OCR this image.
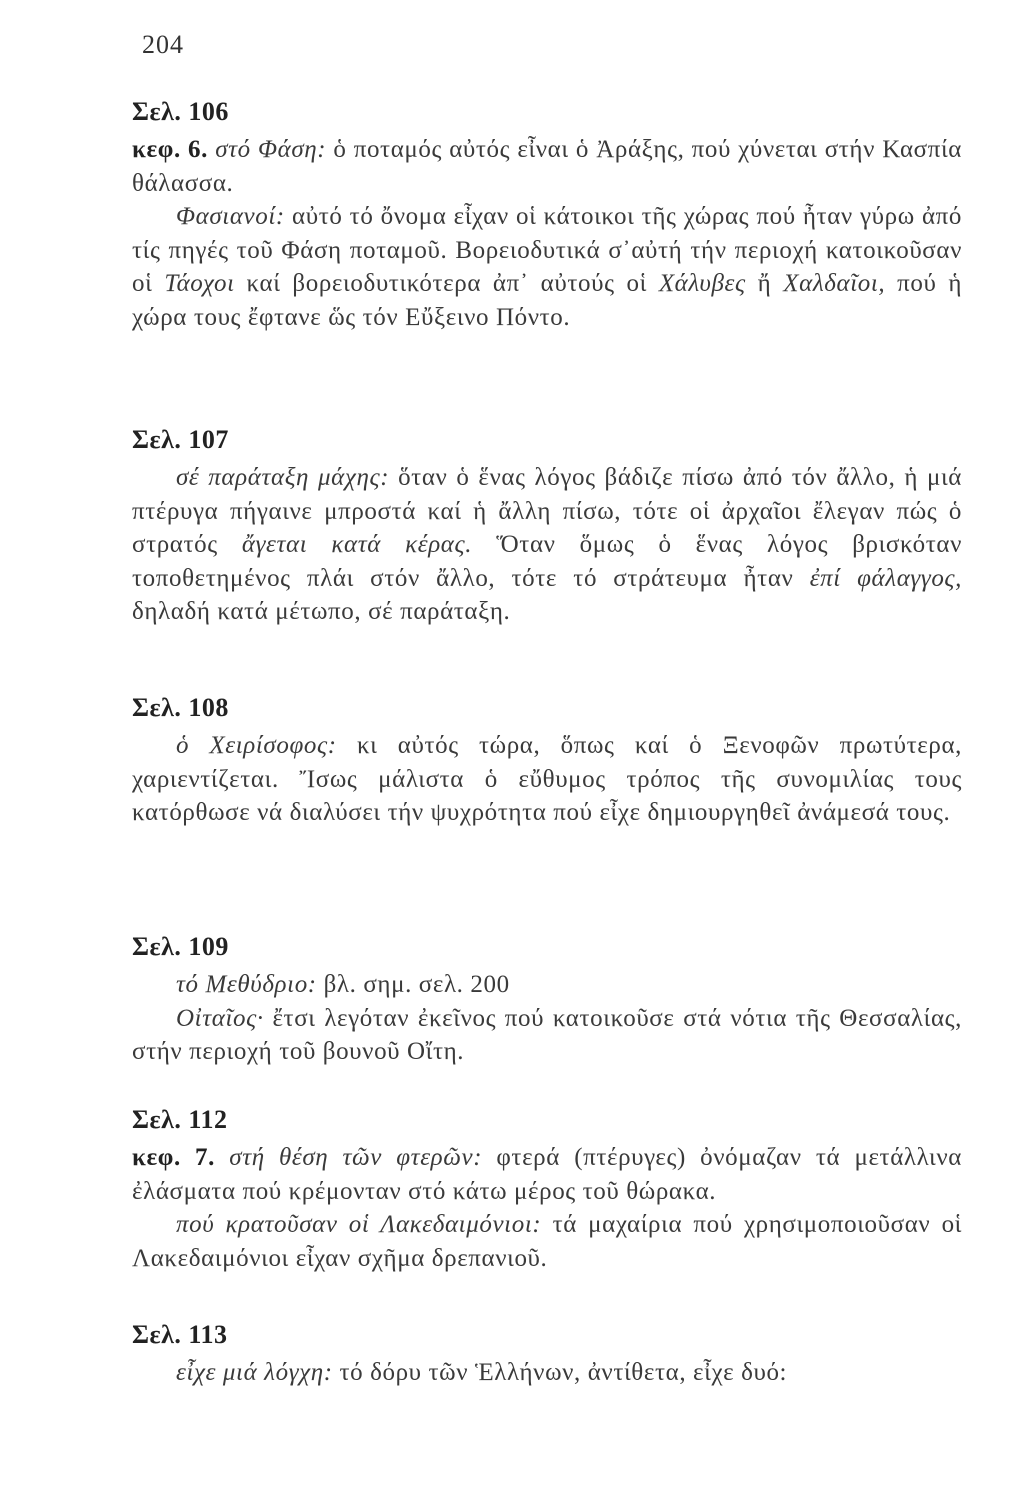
204
Σελ. 106

κεφ. 6. στό Φάση: ὁ ποταμός αὐτός εἶναι ὁ Ἀράξης, πού χύνεται στήν Κασπία θάλασσα.

Φασιανοί: αὐτό τό ὄνομα εἶχαν οἱ κάτοικοι τῆς χώρας πού ἦταν γύρω ἀπό τίς πηγές τοῦ Φάση ποταμοῦ. Βορειοδυτικά σ᾽αὐτή τήν περιοχή κατοικοῦσαν οἱ Τάοχοι καί βορειοδυτικότερα ἀπ᾽ αὐτούς οἱ Χάλυβες ἤ Χαλδαῖοι, πού ἡ χώρα τους ἔφτανε ὥς τόν Εὔξεινο Πόντο.

Σελ. 107

σέ παράταξη μάχης: ὅταν ὁ ἕνας λόγος βάδιζε πίσω ἀπό τόν ἄλλο, ἡ μιά πτέρυγα πήγαινε μπροστά καί ἡ ἄλλη πίσω, τότε οἱ ἀρχαῖοι ἔλεγαν πώς ὁ στρατός ἄγεται κατά κέρας. Ὅταν ὅμως ὁ ἕνας λόγος βρισκόταν τοποθετημένος πλάι στόν ἄλλο, τότε τό στράτευμα ἦταν ἐπί φάλαγγος, δηλαδή κατά μέτωπο, σέ παράταξη.

Σελ. 108

ὁ Χειρίσοφος: κι αὐτός τώρα, ὅπως καί ὁ Ξενοφῶν πρωτύτερα, χαριεντίζεται. Ἴσως μάλιστα ὁ εὔθυμος τρόπος τῆς συνομιλίας τους κατόρθωσε νά διαλύσει τήν ψυχρότητα πού εἶχε δημιουργηθεῖ ἀνάμεσά τους.

Σελ. 109

τό Μεθύδριο: βλ. σημ. σελ. 200

Οἰταῖος· ἔτσι λεγόταν ἐκεῖνος πού κατοικοῦσε στά νότια τῆς Θεσσαλίας, στήν περιοχή τοῦ βουνοῦ Οἴτη.

Σελ. 112

κεφ. 7. στή θέση τῶν φτερῶν: φτερά (πτέρυγες) ὀνόμαζαν τά μετάλλινα ἐλάσματα πού κρέμονταν στό κάτω μέρος τοῦ θώρακα.

πού κρατοῦσαν οἱ Λακεδαιμόνιοι: τά μαχαίρια πού χρησιμοποιοῦσαν οἱ Λακεδαιμόνιοι εἶχαν σχῆμα δρεπανιοῦ.

Σελ. 113

εἶχε μιά λόγχη: τό δόρυ τῶν Ἑλλήνων, ἀντίθετα, εἶχε δυό:
